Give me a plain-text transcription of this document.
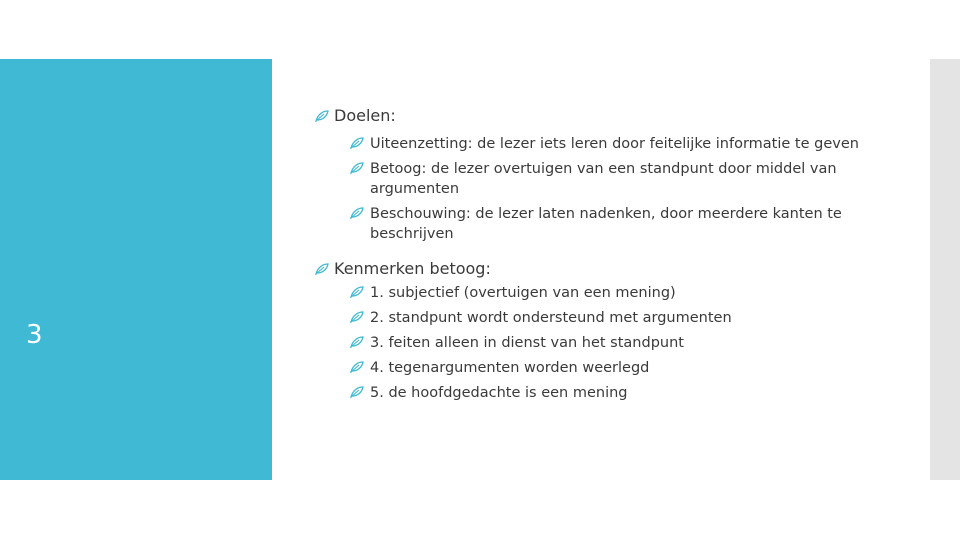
3
Doelen:
Uiteenzetting: de lezer iets leren door feitelijke informatie te geven
Betoog: de lezer overtuigen van een standpunt door middel van argumenten
Beschouwing: de lezer laten nadenken, door meerdere kanten te beschrijven
Kenmerken betoog:
1. subjectief (overtuigen van een mening)
2. standpunt wordt ondersteund met argumenten
3. feiten alleen in dienst van het standpunt
4. tegenargumenten worden weerlegd
5. de hoofdgedachte is een mening
